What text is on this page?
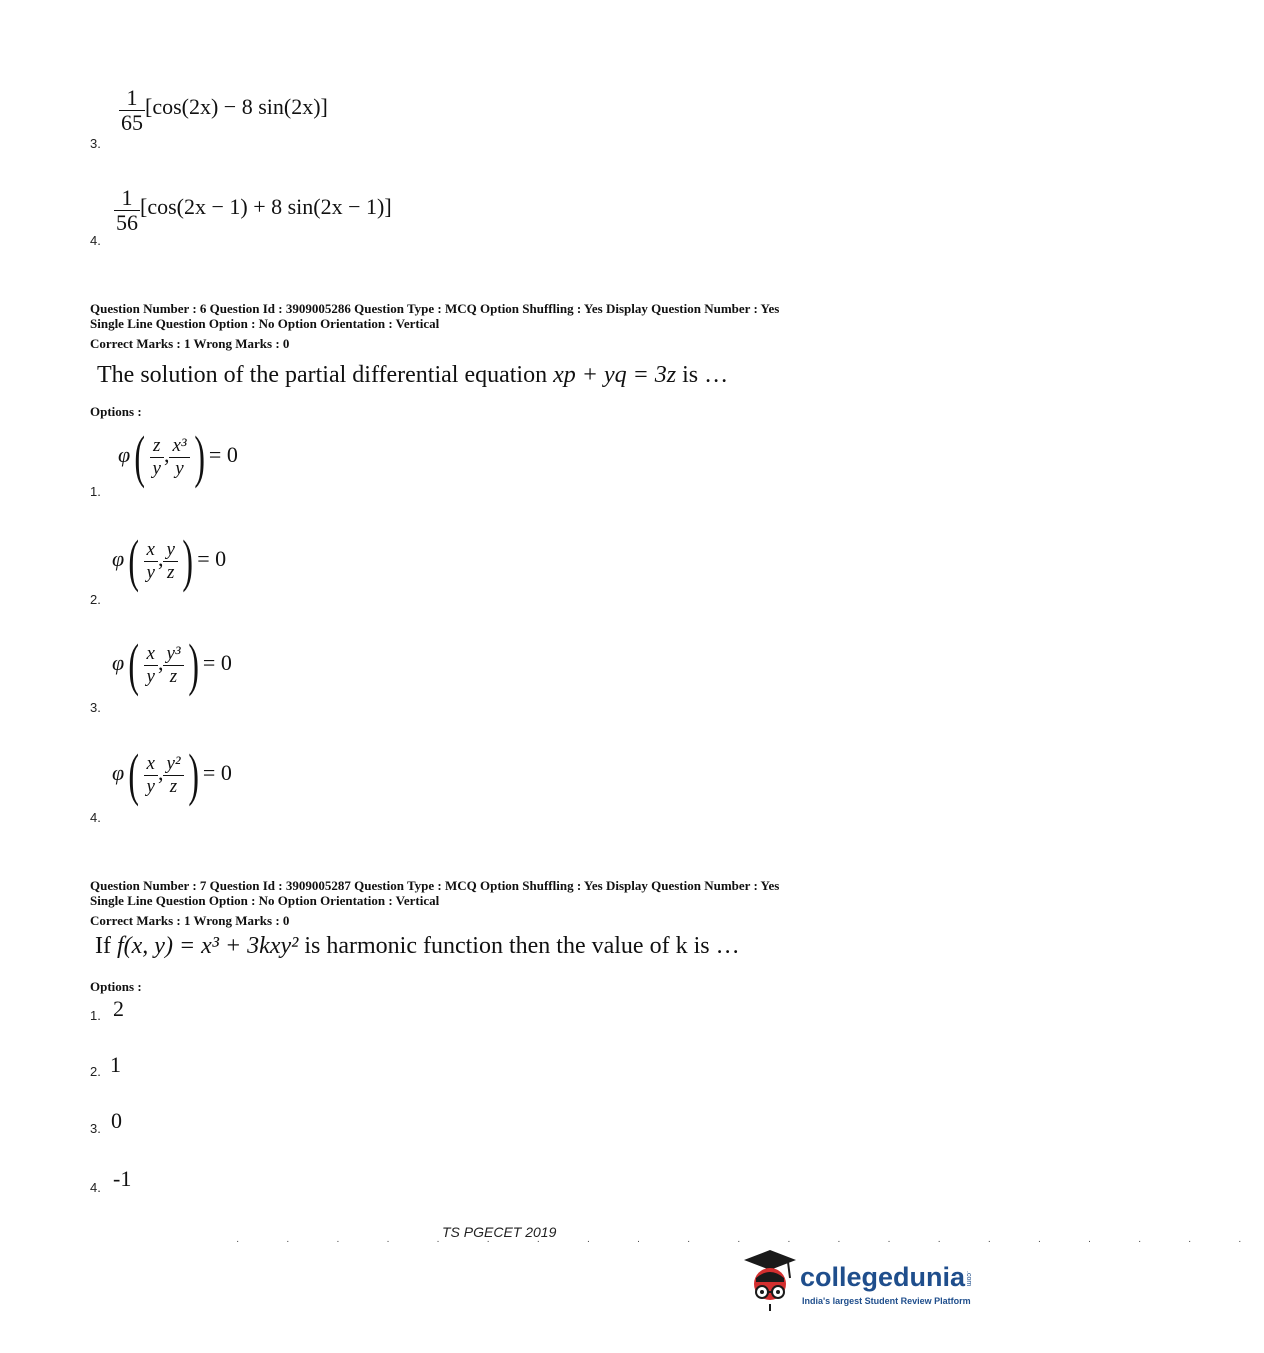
$\frac{1}{65} [\cos(2x) - 8$ sin(2x)]
3.
$\frac{1}{56} [\cos(2x - 1) + 8$ sin(2x − 1)]
4.
Question Number : 6 Question Id : 3909005286 Question Type : MCQ Option Shuffling : Yes Display Question Number : Yes
Single Line Question Option : No Option Orientation : Vertical
Correct Marks : 1 Wrong Marks : 0
The solution of the partial differential equation xp + yq = 3z is …
Options :
$\varphi( \frac{z}{y}$ , $\frac{\text{x³}}{y}$ ) = 0
1.
$\varphi( \frac{x}{y}$ , $\frac{y}{z}$ ) = 0
2.
$\varphi( \frac{x}{y}$ , $\frac{\text{y³}}{z}$ ) = 0
3.
$\varphi( \frac{x}{y}$ , $\frac{\text{y²}}{z}$ ) = 0
4.
Question Number : 7 Question Id : 3909005287 Question Type : MCQ Option Shuffling : Yes Display Question Number : Yes
Single Line Question Option : No Option Orientation : Vertical
Correct Marks : 1 Wrong Marks : 0
If f(x, y) = x³ + 3kxy² is harmonic function then the value of k is …
Options :
1. 2
2. 1
3. 0
4. -1
TS PGECET 2019
· · · · · · · · · · · · · · · · · · · · ·
collegedunia.com
India's largest Student Review Platform
